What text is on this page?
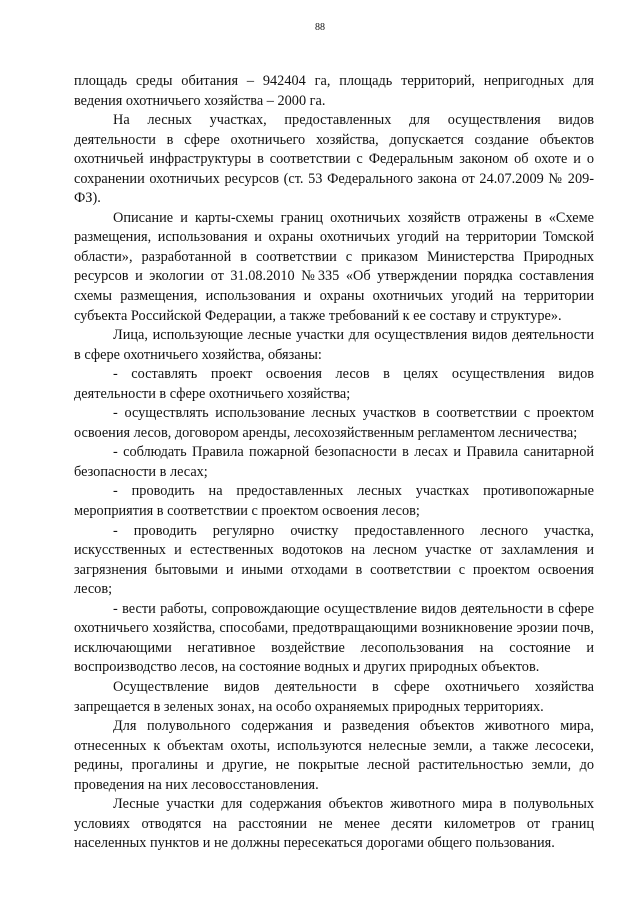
88

площадь среды обитания – 942404 га, площадь территорий, непригодных для ведения охотничьего хозяйства – 2000 га.

На лесных участках, предоставленных для осуществления видов деятельности в сфере охотничьего хозяйства, допускается создание объектов охотничьей инфраструктуры в соответствии с Федеральным законом об охоте и о сохранении охотничьих ресурсов (ст. 53 Федерального закона от 24.07.2009 № 209-ФЗ).

Описание и карты-схемы границ охотничьих хозяйств отражены в «Схеме размещения, использования и охраны охотничьих угодий на территории Томской области», разработанной в соответствии с приказом Министерства Природных ресурсов и экологии от 31.08.2010 №335 «Об утверждении порядка составления схемы размещения, использования и охраны охотничьих угодий на территории субъекта Российской Федерации, а также требований к ее составу и структуре».

Лица, использующие лесные участки для осуществления видов деятельности в сфере охотничьего хозяйства, обязаны:

- составлять проект освоения лесов в целях осуществления видов деятельности в сфере охотничьего хозяйства;

- осуществлять использование лесных участков в соответствии с проектом освоения лесов, договором аренды, лесохозяйственным регламентом лесничества;

- соблюдать Правила пожарной безопасности в лесах и Правила санитарной безопасности в лесах;

- проводить на предоставленных лесных участках противопожарные мероприятия в соответствии с проектом освоения лесов;

- проводить регулярно очистку предоставленного лесного участка, искусственных и естественных водотоков на лесном участке от захламления и загрязнения бытовыми и иными отходами в соответствии с проектом освоения лесов;

- вести работы, сопровождающие осуществление видов деятельности в сфере охотничьего хозяйства, способами, предотвращающими возникновение эрозии почв, исключающими негативное воздействие лесопользования на состояние и воспроизводство лесов, на состояние водных и других природных объектов.

Осуществление видов деятельности в сфере охотничьего хозяйства запрещается в зеленых зонах, на особо охраняемых природных территориях.

Для полувольного содержания и разведения объектов животного мира, отнесенных к объектам охоты, используются нелесные земли, а также лесосеки, редины, прогалины и другие, не покрытые лесной растительностью земли, до проведения на них лесовосстановления.

Лесные участки для содержания объектов животного мира в полувольных условиях отводятся на расстоянии не менее десяти километров от границ населенных пунктов и не должны пересекаться дорогами общего пользования.
